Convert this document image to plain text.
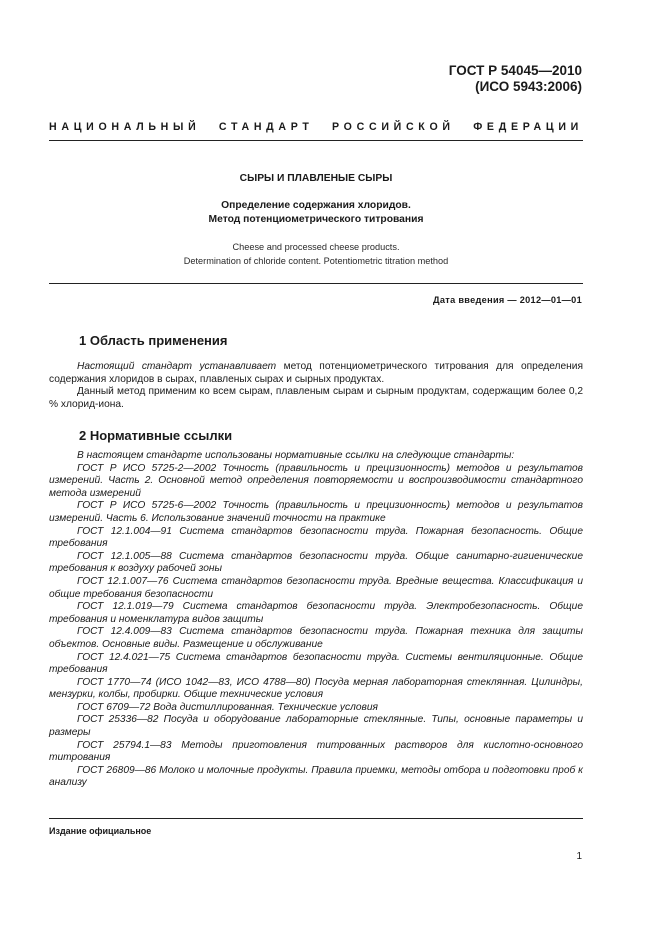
ГОСТ Р 54045—2010
(ИСО 5943:2006)
НАЦИОНАЛЬНЫЙ СТАНДАРТ РОССИЙСКОЙ ФЕДЕРАЦИИ
СЫРЫ И ПЛАВЛЕНЫЕ СЫРЫ
Определение содержания хлоридов.
Метод потенциометрического титрования
Cheese and processed cheese products.
Determination of chloride content. Potentiometric titration method
Дата введения — 2012—01—01
1 Область применения
Настоящий стандарт устанавливает метод потенциометрического титрования для определения содержания хлоридов в сырах, плавленых сырах и сырных продуктах.
Данный метод применим ко всем сырам, плавленым сырам и сырным продуктам, содержащим более 0,2 % хлорид-иона.
2 Нормативные ссылки

В настоящем стандарте использованы нормативные ссылки на следующие стандарты:

ГОСТ Р ИСО 5725-2—2002 Точность (правильность и прецизионность) методов и результатов измерений. Часть 2. Основной метод определения повторяемости и воспроизводимости стандартного метода измерений

ГОСТ Р ИСО 5725-6—2002 Точность (правильность и прецизионность) методов и результатов измерений. Часть 6. Использование значений точности на практике

ГОСТ 12.1.004—91 Система стандартов безопасности труда. Пожарная безопасность. Общие требования

ГОСТ 12.1.005—88 Система стандартов безопасности труда. Общие санитарно-гигиенические требования к воздуху рабочей зоны

ГОСТ 12.1.007—76 Система стандартов безопасности труда. Вредные вещества. Классификация и общие требования безопасности

ГОСТ 12.1.019—79 Система стандартов безопасности труда. Электробезопасность. Общие требования и номенклатура видов защиты

ГОСТ 12.4.009—83 Система стандартов безопасности труда. Пожарная техника для защиты объектов. Основные виды. Размещение и обслуживание

ГОСТ 12.4.021—75 Система стандартов безопасности труда. Системы вентиляционные. Общие требования

ГОСТ 1770—74 (ИСО 1042—83, ИСО 4788—80) Посуда мерная лабораторная стеклянная. Цилиндры, мензурки, колбы, пробирки. Общие технические условия

ГОСТ 6709—72 Вода дистиллированная. Технические условия

ГОСТ 25336—82 Посуда и оборудование лабораторные стеклянные. Типы, основные параметры и размеры

ГОСТ 25794.1—83 Методы приготовления титрованных растворов для кислотно-основного титрования

ГОСТ 26809—86 Молоко и молочные продукты. Правила приемки, методы отбора и подготовки проб к анализу

Издание официальное
1
